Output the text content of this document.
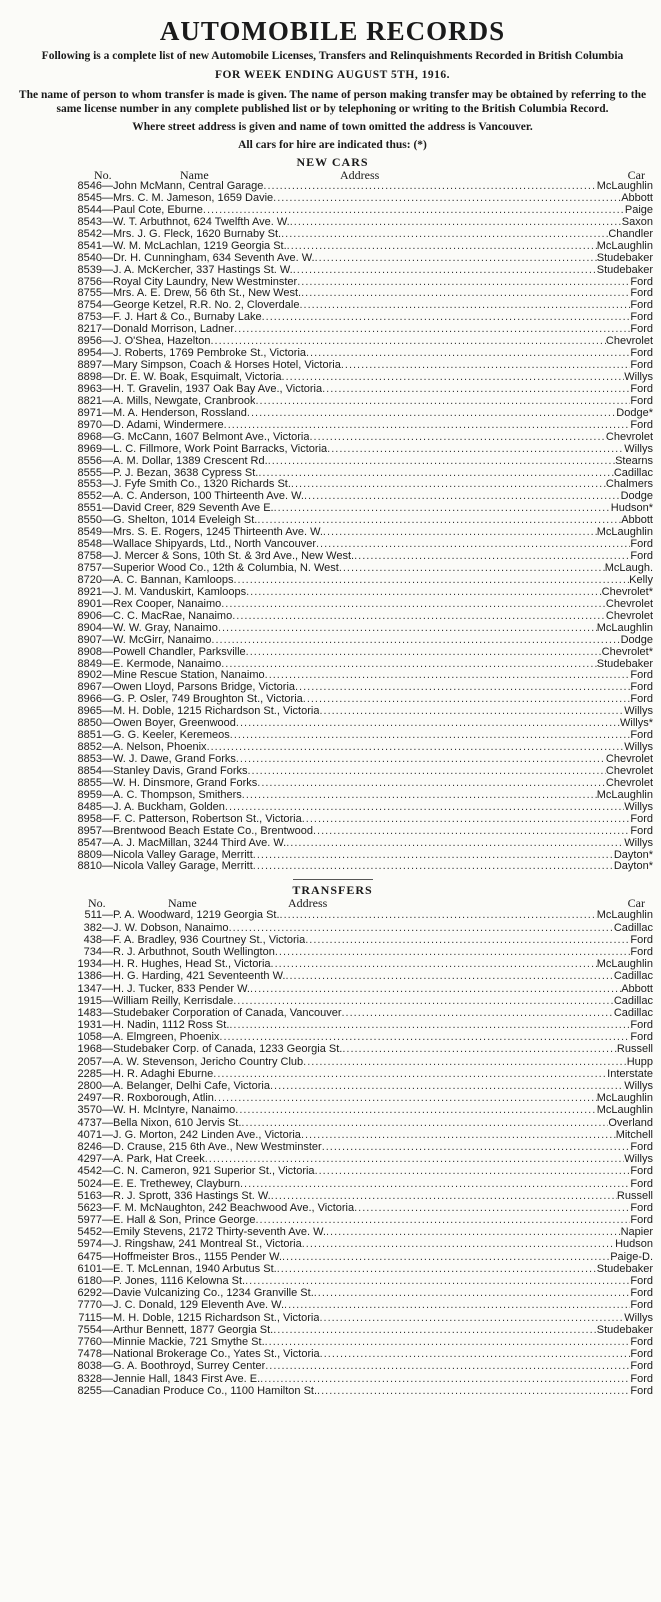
AUTOMOBILE RECORDS

Following is a complete list of new Automobile Licenses, Transfers and Relinquishments Recorded in British Columbia

FOR WEEK ENDING AUGUST 5TH, 1916.

The name of person to whom transfer is made is given. The name of person making transfer may be obtained by referring to the same license number in any complete published list or by telephoning or writing to the British Columbia Record.

Where street address is given and name of town omitted the address is Vancouver.

All cars for hire are indicated thus: (*)

NEW CARS
No.	Name	Address	Car
8546 — John McMann, Central Garage .....	McLaughlin
8545 — Mrs. C. M. Jameson, 1659 Davie .....	Abbott
8544 — Paul Cote, Eburne .....	Paige
8543 — W. T. Arbuthnot, 624 Twelfth Ave. W. .....	Saxon
8542 — Mrs. J. G. Fleck, 1620 Burnaby St. .....	Chandler
8541 — W. M. McLachlan, 1219 Georgia St. .....	McLaughlin
8540 — Dr. H. Cunningham, 634 Seventh Ave. W. .....	Studebaker
8539 — J. A. McKercher, 337 Hastings St. W. .....	Studebaker
8756 — Royal City Laundry, New Westminster .....	Ford
8755 — Mrs. A. E. Drew, 56 6th St., New West. .....	Ford
8754 — George Ketzel, R.R. No. 2, Cloverdale .....	Ford
8753 — F. J. Hart & Co., Burnaby Lake .....	Ford
8217 — Donald Morrison, Ladner .....	Ford
8956 — J. O'Shea, Hazelton .....	Chevrolet
8954 — J. Roberts, 1769 Pembroke St., Victoria .....	Ford
8897 — Mary Simpson, Coach & Horses Hotel, Victoria .....	Ford
8898 — Dr. E. W. Boak, Esquimalt, Victoria .....	Willys
8963 — H. T. Gravelin, 1937 Oak Bay Ave., Victoria .....	Ford
8821 — A. Mills, Newgate, Cranbrook .....	Ford
8971 — M. A. Henderson, Rossland .....	Dodge*
8970 — D. Adami, Windermere .....	Ford
8968 — G. McCann, 1607 Belmont Ave., Victoria .....	Chevrolet
8969 — L. C. Fillmore, Work Point Barracks, Victoria .....	Willys
8556 — A. M. Dollar, 1389 Crescent Rd. .....	Stearns
8555 — P. J. Bezan, 3638 Cypress St. .....	Cadillac
8553 — J. Fyfe Smith Co., 1320 Richards St. .....	Chalmers
8552 — A. C. Anderson, 100 Thirteenth Ave. W. .....	Dodge
8551 — David Creer, 829 Seventh Ave E. .....	Hudson*
8550 — G. Shelton, 1014 Eveleigh St. .....	Abbott
8549 — Mrs. S. E. Rogers, 1245 Thirteenth Ave. W. .....	McLaughlin
8548 — Wallace Shipyards, Ltd., North Vancouver .....	Ford
8758 — J. Mercer & Sons, 10th St. & 3rd Ave., New West. .....	Ford
8757 — Superior Wood Co., 12th & Columbia, N. West .....	McLaugh.
8720 — A. C. Bannan, Kamloops .....	Kelly
8921 — J. M. Vanduskirt, Kamloops .....	Chevrolet*
8901 — Rex Cooper, Nanaimo .....	Chevrolet
8906 — C. C. MacRae, Nanaimo .....	Chevrolet
8904 — W. W. Gray, Nanaimo .....	McLaughlin
8907 — W. McGirr, Nanaimo .....	Dodge
8908 — Powell Chandler, Parksville .....	Chevrolet*
8849 — E. Kermode, Nanaimo .....	Studebaker
8902 — Mine Rescue Station, Nanaimo .....	Ford
8967 — Owen Lloyd, Parsons Bridge, Victoria .....	Ford
8966 — G. P. Osler, 749 Broughton St., Victoria .....	Ford
8965 — M. H. Doble, 1215 Richardson St., Victoria .....	Willys
8850 — Owen Boyer, Greenwood .....	Willys*
8851 — G. G. Keeler, Keremeos .....	Ford
8852 — A. Nelson, Phoenix .....	Willys
8853 — W. J. Dawe, Grand Forks .....	Chevrolet
8854 — Stanley Davis, Grand Forks .....	Chevrolet
8855 — W. H. Dinsmore, Grand Forks .....	Chevrolet
8959 — A. C. Thompson, Smithers .....	McLaughlin
8485 — J. A. Buckham, Golden .....	Willys
8958 — F. C. Patterson, Robertson St., Victoria .....	Ford
8957 — Brentwood Beach Estate Co., Brentwood .....	Ford
8547 — A. J. MacMillan, 3244 Third Ave. W. .....	Willys
8809 — Nicola Valley Garage, Merritt .....	Dayton*
8810 — Nicola Valley Garage, Merritt .....	Dayton*
TRANSFERS
No.	Name	Address	Car
511 — P. A. Woodward, 1219 Georgia St. .....	McLaughlin
382 — J. W. Dobson, Nanaimo .....	Cadillac
438 — F. A. Bradley, 936 Courtney St., Victoria .....	Ford
734 — R. J. Arbuthnot, South Wellington .....	Ford
1934 — H. R. Hughes, Head St., Victoria .....	McLaughlin
1386 — H. G. Harding, 421 Seventeenth W. .....	Cadillac
1347 — H. J. Tucker, 833 Pender W. .....	Abbott
1915 — William Reilly, Kerrisdale .....	Cadillac
1483 — Studebaker Corporation of Canada, Vancouver .....	Cadillac
1931 — H. Nadin, 1112 Ross St. .....	Ford
1058 — A. Elmgreen, Phoenix .....	Ford
1968 — Studebaker Corp. of Canada, 1233 Georgia St. .....	Russell
2057 — A. W. Stevenson, Jericho Country Club .....	Hupp
2285 — H. R. Adaghi Eburne .....	Interstate
2800 — A. Belanger, Delhi Cafe, Victoria .....	Willys
2497 — R. Roxborough, Atlin .....	McLaughlin
3570 — W. H. McIntyre, Nanaimo .....	McLaughlin
4737 — Bella Nixon, 610 Jervis St. .....	Overland
4071 — J. G. Morton, 242 Linden Ave., Victoria .....	Mitchell
8246 — D. Crause, 215 6th Ave., New Westminster .....	Ford
4297 — A. Park, Hat Creek .....	Willys
4542 — C. N. Cameron, 921 Superior St., Victoria .....	Ford
5024 — E. E. Trethewey, Clayburn .....	Ford
5163 — R. J. Sprott, 336 Hastings St. W. .....	Russell
5623 — F. M. McNaughton, 242 Beachwood Ave., Victoria .....	Ford
5977 — E. Hall & Son, Prince George .....	Ford
5452 — Emily Stevens, 2172 Thirty-seventh Ave. W. .....	Napier
5974 — J. Ringshaw, 241 Montreal St., Victoria .....	Hudson
6475 — Hoffmeister Bros., 1155 Pender W. .....	Paige-D.
6101 — E. T. McLennan, 1940 Arbutus St. .....	Studebaker
6180 — P. Jones, 1116 Kelowna St. .....	Ford
6292 — Davie Vulcanizing Co., 1234 Granville St. .....	Ford
7770 — J. C. Donald, 129 Eleventh Ave. W. .....	Ford
7115 — M. H. Doble, 1215 Richardson St., Victoria .....	Willys
7554 — Arthur Bennett, 1877 Georgia St. .....	Studebaker
7760 — Minnie Mackie, 721 Smythe St. .....	Ford
7478 — National Brokerage Co., Yates St., Victoria .....	Ford
8038 — G. A. Boothroyd, Surrey Center .....	Ford
8328 — Jennie Hall, 1843 First Ave. E. .....	Ford
8255 — Canadian Produce Co., 1100 Hamilton St. .....	Ford
